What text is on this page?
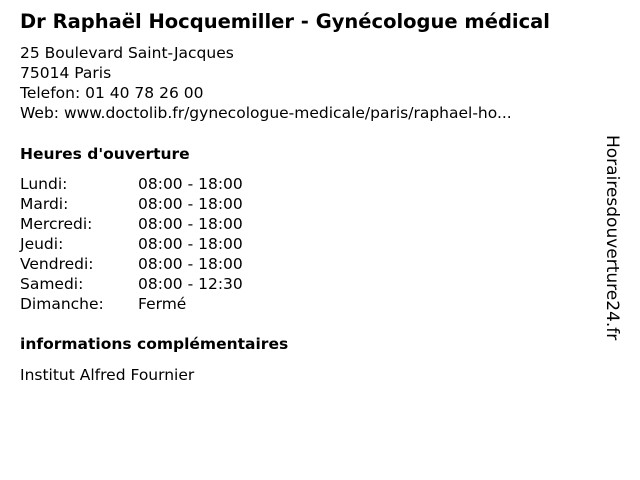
Dr Raphaël Hocquemiller - Gynécologue médical
25 Boulevard Saint-Jacques
75014 Paris
Telefon: 01 40 78 26 00
Web: www.doctolib.fr/gynecologue-medicale/paris/raphael-ho...
Heures d'ouverture
Lundi:	08:00 - 18:00
Mardi:	08:00 - 18:00
Mercredi:	08:00 - 18:00
Jeudi:	08:00 - 18:00
Vendredi:	08:00 - 18:00
Samedi:	08:00 - 12:30
Dimanche:	Fermé
informations complémentaires
Institut Alfred Fournier
Horairesdouverture24.fr
